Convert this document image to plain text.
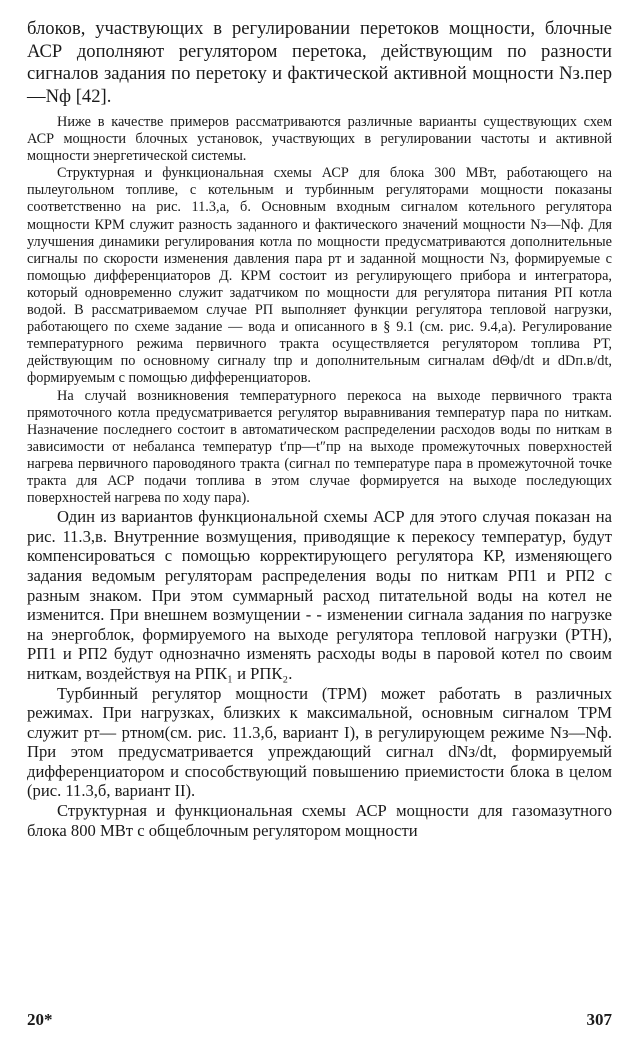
блоков, участвующих в регулировании перетоков мощности, блочные АСР дополняют регулятором перетока, действующим по разности сигналов задания по перетоку и фактической активной мощности Nз.пер—Nф [42].

Ниже в качестве примеров рассматриваются различные варианты существующих схем АСР мощности блочных установок, участвующих в регулировании частоты и активной мощности энергетической системы.

Структурная и функциональная схемы АСР для блока 300 МВт, работающего на пылеугольном топливе, с котельным и турбинным регуляторами мощности показаны соответственно на рис. 11.3,а, б. Основным входным сигналом котельного регулятора мощности КРМ служит разность заданного и фактического значений мощности Nз—Nф. Для улучшения динамики регулирования котла по мощности предусматриваются дополнительные сигналы по скорости изменения давления пара pт и заданной мощности Nз, формируемые с помощью дифференциаторов Д. КРМ состоит из регулирующего прибора и интегратора, который одновременно служит задатчиком по мощности для регулятора питания РП котла водой. В рассматриваемом случае РП выполняет функции регулятора тепловой нагрузки, работающего по схеме задание — вода и описанного в § 9.1 (см. рис. 9.4,а). Регулирование температурного режима первичного тракта осуществляется регулятором топлива РТ, действующим по основному сигналу tпр и дополнительным сигналам dΘф/dt и dDп.в/dt, формируемым с помощью дифференциаторов.

На случай возникновения температурного перекоса на выходе первичного тракта прямоточного котла предусматривается регулятор выравнивания температур пара по ниткам. Назначение последнего состоит в автоматическом распределении расходов воды по ниткам в зависимости от небаланса температур t′пр—t″пр на выходе промежуточных поверхностей нагрева первичного пароводяного тракта (сигнал по температуре пара в промежуточной точке тракта для АСР подачи топлива в этом случае формируется на выходе последующих поверхностей нагрева по ходу пара).

Один из вариантов функциональной схемы АСР для этого случая показан на рис. 11.3,в. Внутренние возмущения, приводящие к перекосу температур, будут компенсироваться с помощью корректирующего регулятора КР, изменяющего задания ведомым регуляторам распределения воды по ниткам РП1 и РП2 с разным знаком. При этом суммарный расход питательной воды на котел не изменится. При внешнем возмущении - - изменении сигнала задания по нагрузке на энергоблок, формируемого на выходе регулятора тепловой нагрузки (РТН), РП1 и РП2 будут однозначно изменять расходы воды в паровой котел по своим ниткам, воздействуя на РПК₁ и РПК₂.

Турбинный регулятор мощности (ТРМ) может работать в различных режимах. При нагрузках, близких к максимальной, основным сигналом ТРМ служит pт— pтном(см. рис. 11.3,б, вариант I), в регулирующем режиме Nз—Nф. При этом предусматривается упреждающий сигнал dNз/dt, формируемый дифференциатором и способствующий повышению приемистости блока в целом (рис. 11.3,б, вариант II).

Структурная и функциональная схемы АСР мощности для газомазутного блока 800 МВт с общеблочным регулятором мощности

20*	307
